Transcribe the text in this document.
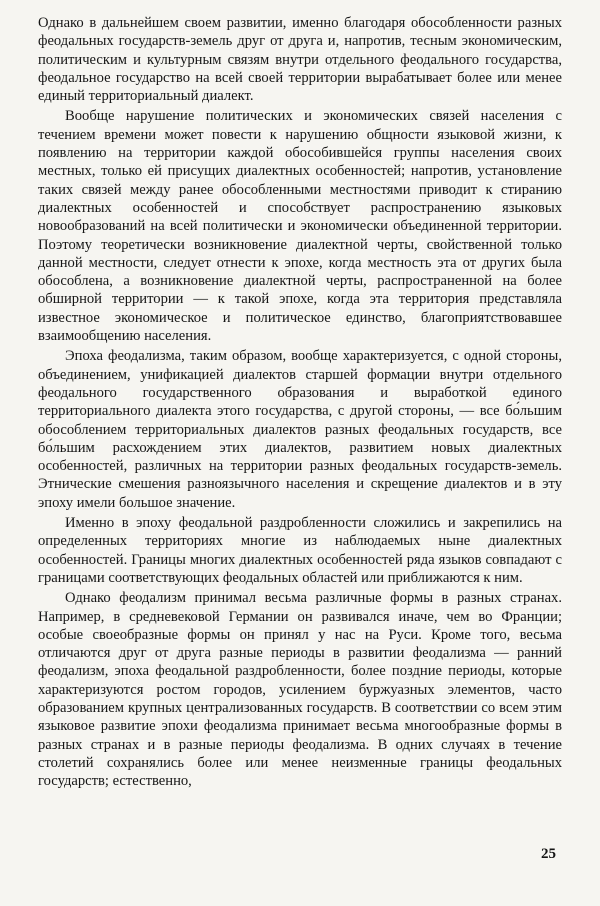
Однако в дальнейшем своем развитии, именно благодаря обособленности разных феодальных государств-земель друг от друга и, напротив, тесным экономическим, политическим и культурным связям внутри отдельного феодального государства, феодальное государство на всей своей территории вырабатывает более или менее единый территориальный диалект.

Вообще нарушение политических и экономических связей населения с течением времени может повести к нарушению общности языковой жизни, к появлению на территории каждой обособившейся группы населения своих местных, только ей присущих диалектных особенностей; напротив, установление таких связей между ранее обособленными местностями приводит к стиранию диалектных особенностей и способствует распространению языковых новообразований на всей политически и экономически объединенной территории. Поэтому теоретически возникновение диалектной черты, свойственной только данной местности, следует отнести к эпохе, когда местность эта от других была обособлена, а возникновение диалектной черты, распространенной на более обширной территории — к такой эпохе, когда эта территория представляла известное экономическое и политическое единство, благоприятствовавшее взаимообщению населения.

Эпоха феодализма, таким образом, вообще характеризуется, с одной стороны, объединением, унификацией диалектов старшей формации внутри отдельного феодального государственного образования и выработкой единого территориального диалекта этого государства, с другой стороны, — все бо́льшим обособлением территориальных диалектов разных феодальных государств, все бо́льшим расхождением этих диалектов, развитием новых диалектных особенностей, различных на территории разных феодальных государств-земель. Этнические смешения разноязычного населения и скрещение диалектов и в эту эпоху имели большое значение.

Именно в эпоху феодальной раздробленности сложились и закрепились на определенных территориях многие из наблюдаемых ныне диалектных особенностей. Границы многих диалектных особенностей ряда языков совпадают с границами соответствующих феодальных областей или приближаются к ним.

Однако феодализм принимал весьма различные формы в разных странах. Например, в средневековой Германии он развивался иначе, чем во Франции; особые своеобразные формы он принял у нас на Руси. Кроме того, весьма отличаются друг от друга разные периоды в развитии феодализма — ранний феодализм, эпоха феодальной раздробленности, более поздние периоды, которые характеризуются ростом городов, усилением буржуазных элементов, часто образованием крупных централизованных государств. В соответствии со всем этим языковое развитие эпохи феодализма принимает весьма многообразные формы в разных странах и в разные периоды феодализма. В одних случаях в течение столетий сохранялись более или менее неизменные границы феодальных государств; естественно,

25
